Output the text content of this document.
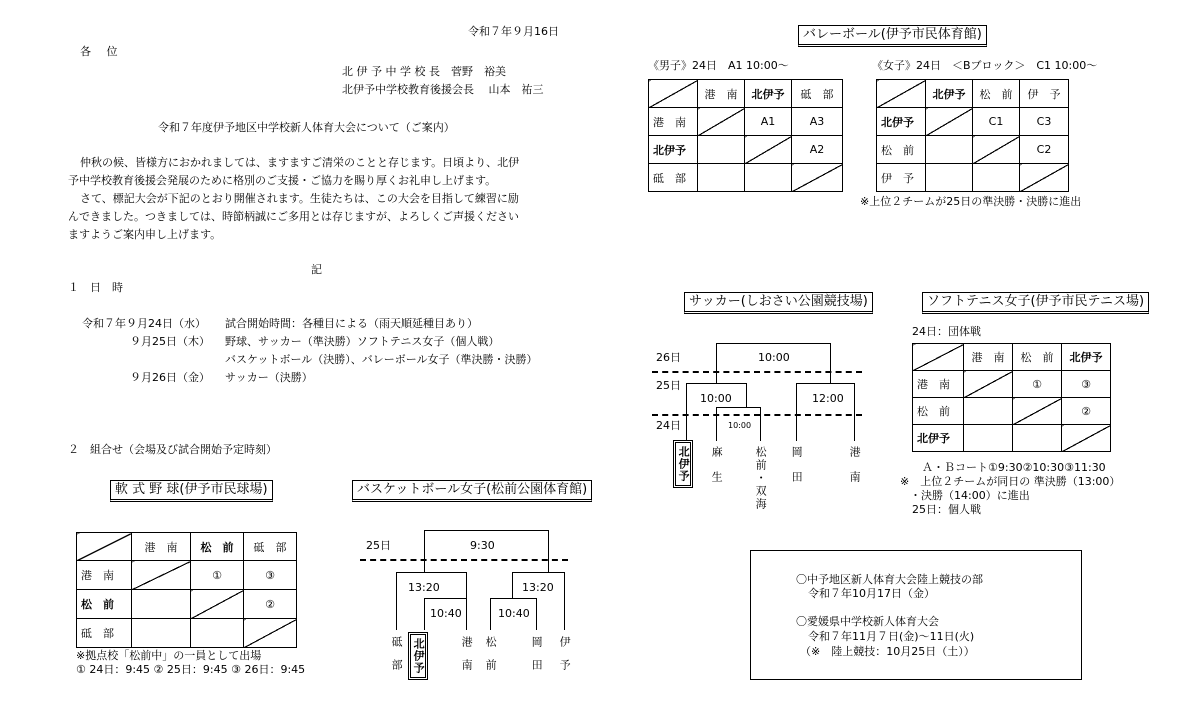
令和７年９月16日
各 位
北 伊 予 中 学 校 長　菅野　裕美
北伊予中学校教育後援会長　 山本　祐三
令和７年度伊予地区中学校新人体育大会について（ご案内）
仲秋の候、皆様方におかれましては、ますますご清栄のことと存じます。日頃より、北伊
予中学校教育後援会発展のために格別のご支援・ご協力を賜り厚くお礼申し上げます。
さて、標記大会が下記のとおり開催されます。生徒たちは、この大会を目指して練習に励
んできました。つきましては、時節柄誠にご多用とは存じますが、よろしくご声援ください
ますようご案内申し上げます。
記
１　日　時
令和７年９月24日（水） 試合開始時間：各種目による（雨天順延種目あり）
９月25日（木） 野球、サッカー（準決勝）ソフトテニス女子（個人戦）
バスケットボール（決勝）、バレーボール女子（準決勝・決勝）
９月26日（金） サッカー（決勝）
２　組合せ（会場及び試合開始予定時刻）
軟 式 野 球(伊予市民球場)
	港　南	松　前	砥　部
港　南		①	③
松　前			②
砥　部			
※拠点校「松前中」の一員として出場
① 24日：9:45 ② 25日：9:45 ③ 26日：9:45
バスケットボール女子(松前公園体育館)
25日	9:30
13:20	13:20
10:40	10:40
砥部 北伊予	港南 松前	岡田 伊予
バレーボール(伊予市民体育館)
《男子》24日　A1 10:00～	《女子》24日　＜Bブロック＞　C1 10:00～
	港　南	北伊予	砥　部
港　南		A1	A3
北伊予			A2
砥　部			
	北伊予	松　前	伊　予
北伊予		C1	C3
松　前			C2
伊　予			
※上位２チームが25日の準決勝・決勝に進出
サッカー(しおさい公園競技場)
26日
25日
24日
10:00
10:00	12:00
10:00
北伊予 麻生	松前・双海 岡田	港南
ソフトテニス女子(伊予市民テニス場)
24日：団体戦
	港　南	松　前	北伊予
港　南		①	③
松　前			②
北伊予			
Ａ・Ｂコート①9:30②10:30③11:30
※　上位２チームが同日の 準決勝（13:00）
・決勝（14:00）に進出
25日：個人戦
〇中予地区新人体育大会陸上競技の部
令和７年10月17日（金）
〇愛媛県中学校新人体育大会
令和７年11月７日(金)～11日(火)
（※　陸上競技：10月25日（土））
